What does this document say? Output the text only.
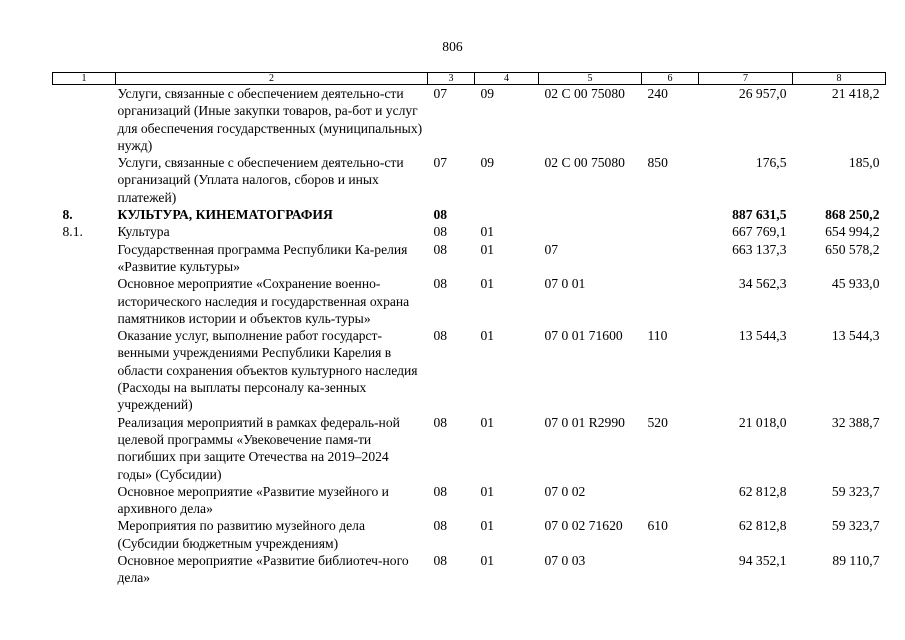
806
1	2	3	4	5	6	7	8
	Услуги, связанные с обеспечением деятельно-сти организаций (Иные закупки товаров, ра-бот и услуг для обеспечения государственных (муниципальных) нужд)	07	09	02 С 00 75080	240	26 957,0	21 418,2
	Услуги, связанные с обеспечением деятельно-сти организаций (Уплата налогов, сборов и иных платежей)	07	09	02 С 00 75080	850	176,5	185,0
8.	КУЛЬТУРА, КИНЕМАТОГРАФИЯ	08				887 631,5	868 250,2
8.1.	Культура	08	01			667 769,1	654 994,2
	Государственная программа Республики Ка-релия «Развитие культуры»	08	01	07		663 137,3	650 578,2
	Основное мероприятие «Сохранение военно-исторического наследия и государственная охрана памятников истории и объектов куль-туры»	08	01	07 0 01		34 562,3	45 933,0
	Оказание услуг, выполнение работ государст-венными учреждениями Республики Карелия в области сохранения объектов культурного наследия (Расходы на выплаты персоналу ка-зенных учреждений)	08	01	07 0 01 71600	110	13 544,3	13 544,3
	Реализация мероприятий в рамках федераль-ной целевой программы «Увековечение памя-ти погибших при защите Отечества на 2019–2024 годы» (Субсидии)	08	01	07 0 01 R2990	520	21 018,0	32 388,7
	Основное мероприятие «Развитие музейного и архивного дела»	08	01	07 0 02		62 812,8	59 323,7
	Мероприятия по развитию музейного дела (Субсидии бюджетным учреждениям)	08	01	07 0 02 71620	610	62 812,8	59 323,7
	Основное мероприятие «Развитие библиотеч-ного дела»	08	01	07 0 03		94 352,1	89 110,7
